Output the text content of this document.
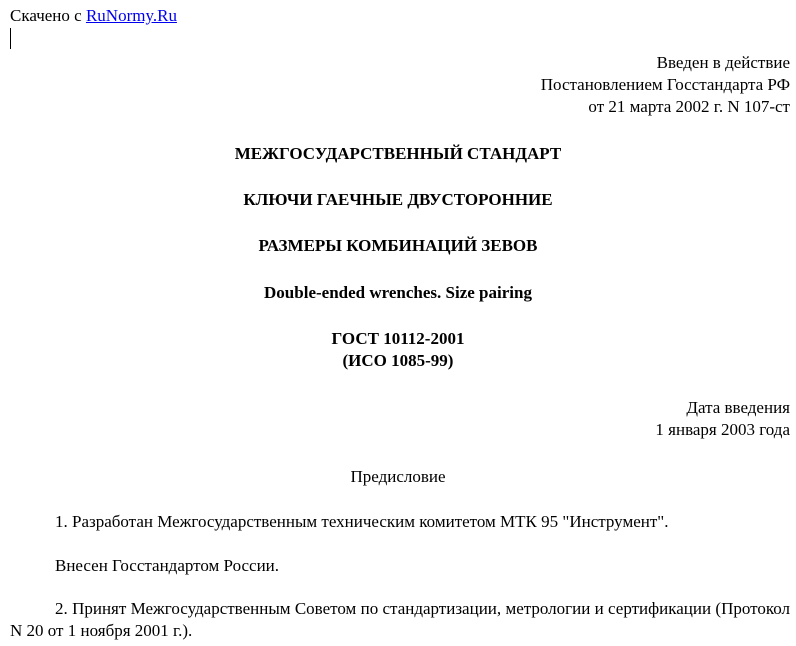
Скачено с RuNormy.Ru
Введен в действие
Постановлением Госстандарта РФ
от 21 марта 2002 г. N 107-ст
МЕЖГОСУДАРСТВЕННЫЙ СТАНДАРТ
КЛЮЧИ ГАЕЧНЫЕ ДВУСТОРОННИЕ
РАЗМЕРЫ КОМБИНАЦИЙ ЗЕВОВ
Double-ended wrenches. Size pairing
ГОСТ 10112-2001
(ИСО 1085-99)
Дата введения
1 января 2003 года
Предисловие
1. Разработан Межгосударственным техническим комитетом МТК 95 "Инструмент".
Внесен Госстандартом России.
2. Принят Межгосударственным Советом по стандартизации, метрологии и сертификации (Протокол N 20 от 1 ноября 2001 г.).
